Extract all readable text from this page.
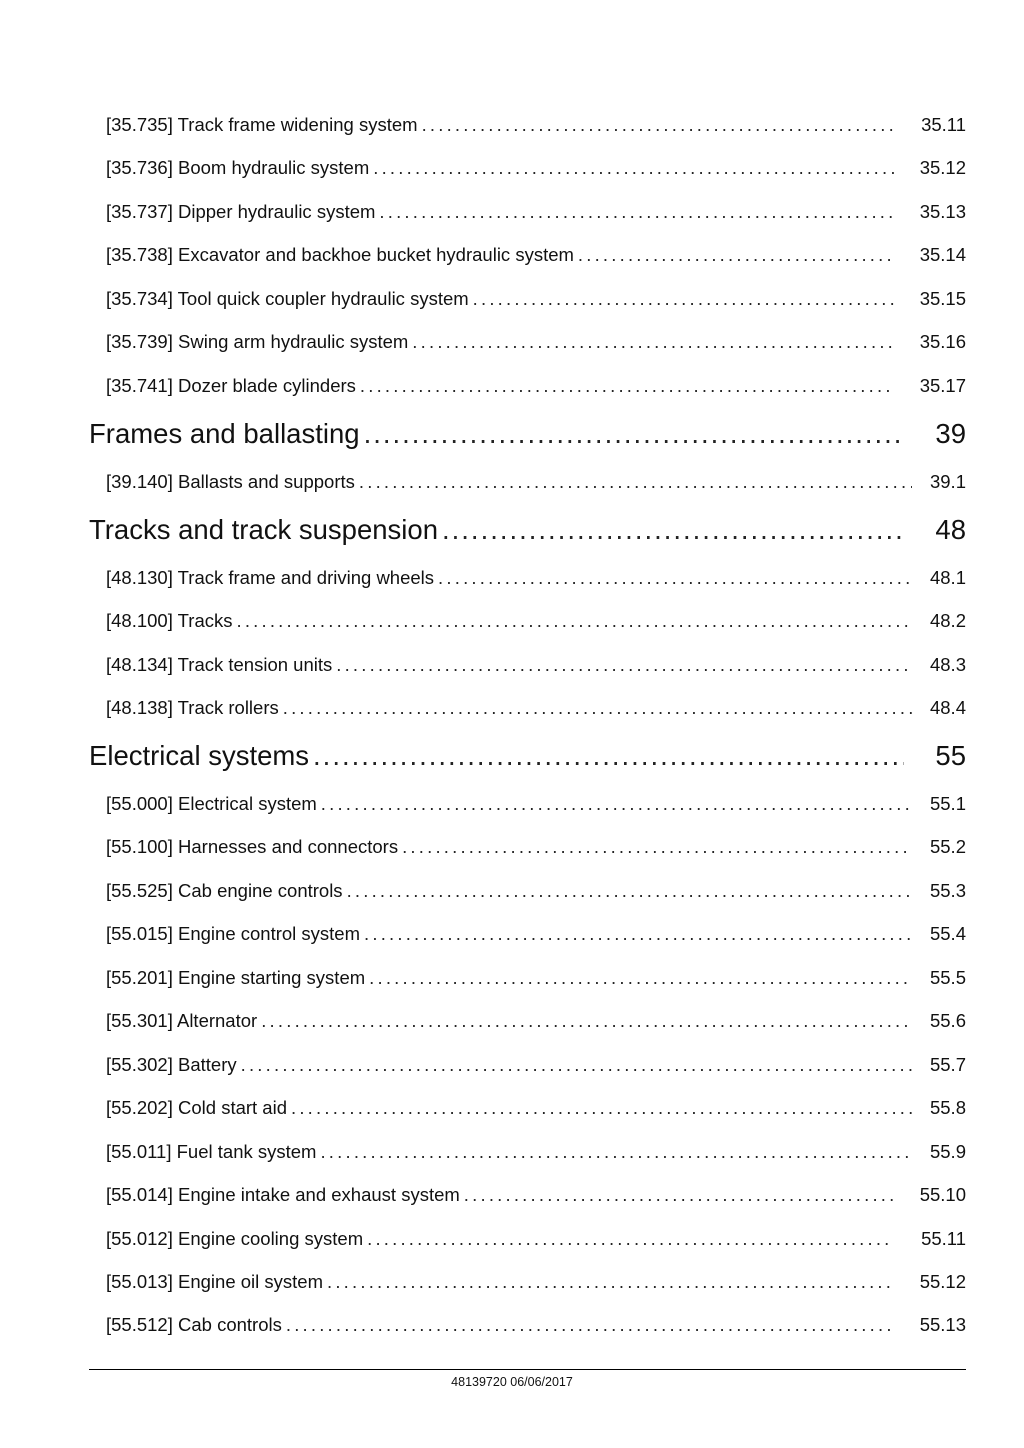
[35.735] Track frame widening system .....	35.11
[35.736] Boom hydraulic system .....	35.12
[35.737] Dipper hydraulic system .....	35.13
[35.738] Excavator and backhoe bucket hydraulic system .....	35.14
[35.734] Tool quick coupler hydraulic system .....	35.15
[35.739] Swing arm hydraulic system .....	35.16
[35.741] Dozer blade cylinders .....	35.17
Frames and ballasting .....	39
[39.140] Ballasts and supports .....	39.1
Tracks and track suspension .....	48
[48.130] Track frame and driving wheels .....	48.1
[48.100] Tracks .....	48.2
[48.134] Track tension units .....	48.3
[48.138] Track rollers .....	48.4
Electrical systems .....	55
[55.000] Electrical system .....	55.1
[55.100] Harnesses and connectors .....	55.2
[55.525] Cab engine controls .....	55.3
[55.015] Engine control system .....	55.4
[55.201] Engine starting system .....	55.5
[55.301] Alternator .....	55.6
[55.302] Battery .....	55.7
[55.202] Cold start aid .....	55.8
[55.011] Fuel tank system .....	55.9
[55.014] Engine intake and exhaust system .....	55.10
[55.012] Engine cooling system .....	55.11
[55.013] Engine oil system .....	55.12
[55.512] Cab controls .....	55.13
48139720 06/06/2017
